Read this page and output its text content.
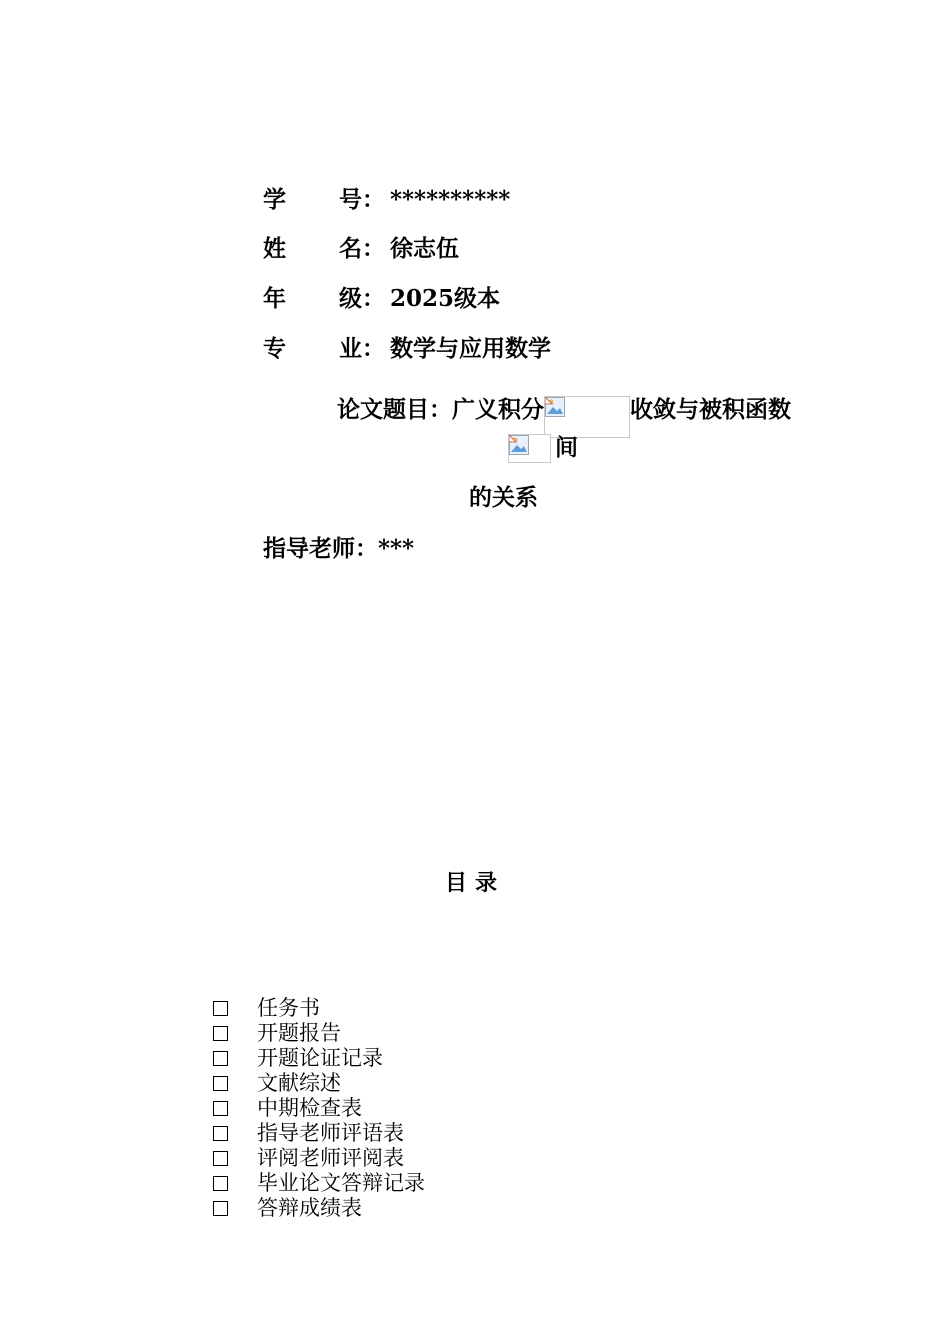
学 号： **********
姓 名： 徐志伍
年 级： 2025级本
专 业： 数学与应用数学
论文题目： 广义积分	收敛与被积函数
间
的关系
指导老师： ***
目录
任务书
开题报告
开题论证记录
文献综述
中期检查表
指导老师评语表
评阅老师评阅表
毕业论文答辩记录
答辩成绩表
